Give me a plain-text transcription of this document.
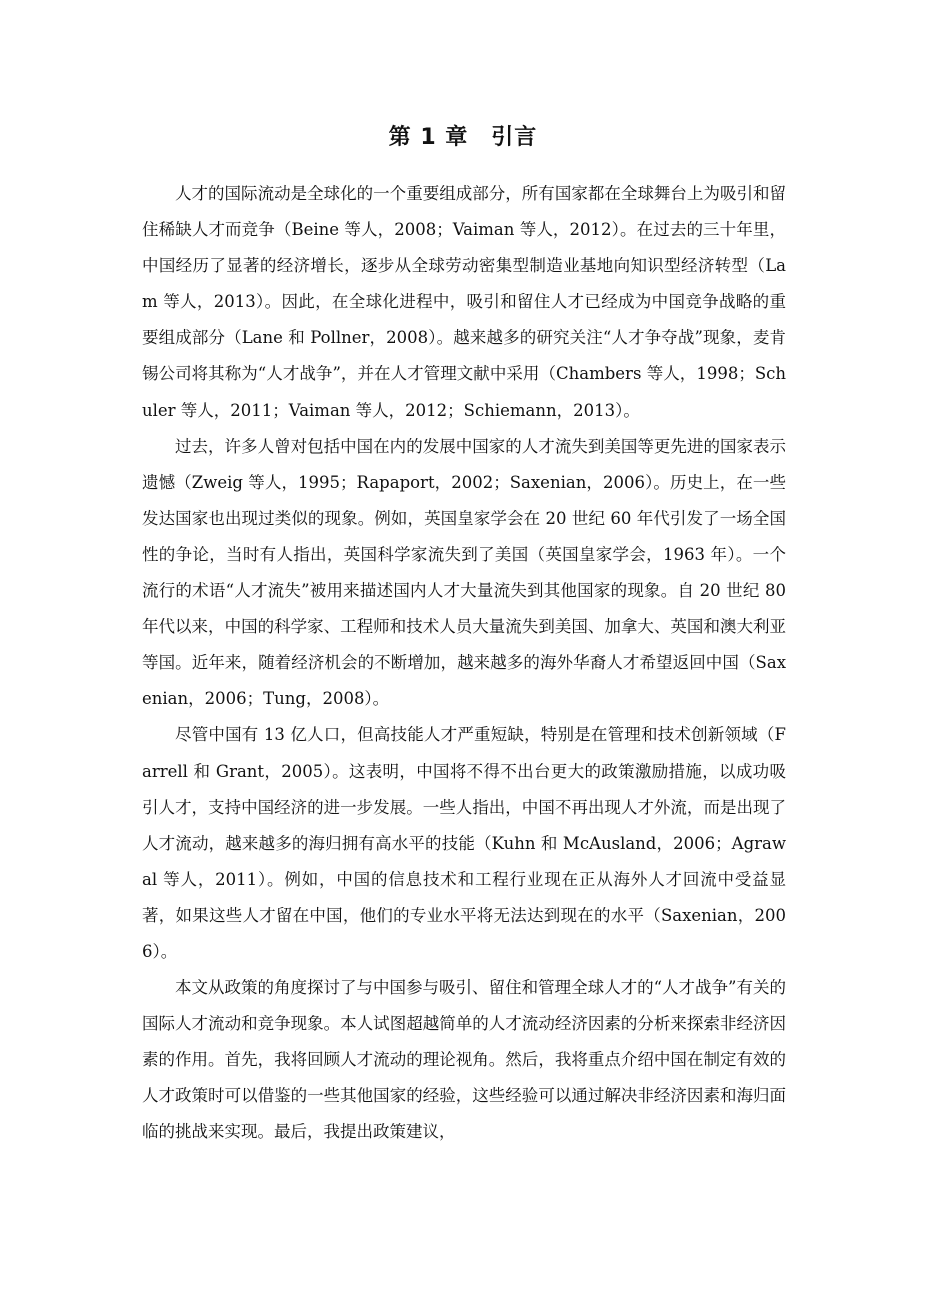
第 1 章　引言

人才的国际流动是全球化的一个重要组成部分，所有国家都在全球舞台上为吸引和留住稀缺人才而竞争（Beine 等人，2008；Vaiman 等人，2012）。在过去的三十年里，中国经历了显著的经济增长，逐步从全球劳动密集型制造业基地向知识型经济转型（Lam 等人，2013）。因此，在全球化进程中，吸引和留住人才已经成为中国竞争战略的重要组成部分（Lane 和 Pollner，2008）。越来越多的研究关注“人才争夺战”现象，麦肯锡公司将其称为“人才战争”，并在人才管理文献中采用（Chambers 等人，1998；Schuler 等人，2011；Vaiman 等人，2012；Schiemann，2013）。

过去，许多人曾对包括中国在内的发展中国家的人才流失到美国等更先进的国家表示遗憾（Zweig 等人，1995；Rapaport，2002；Saxenian，2006）。历史上，在一些发达国家也出现过类似的现象。例如，英国皇家学会在 20 世纪 60 年代引发了一场全国性的争论，当时有人指出，英国科学家流失到了美国（英国皇家学会，1963 年）。一个流行的术语“人才流失”被用来描述国内人才大量流失到其他国家的现象。自 20 世纪 80 年代以来，中国的科学家、工程师和技术人员大量流失到美国、加拿大、英国和澳大利亚等国。近年来，随着经济机会的不断增加，越来越多的海外华裔人才希望返回中国（Saxenian，2006；Tung，2008）。

尽管中国有 13 亿人口，但高技能人才严重短缺，特别是在管理和技术创新领域（Farrell 和 Grant，2005）。这表明，中国将不得不出台更大的政策激励措施，以成功吸引人才，支持中国经济的进一步发展。一些人指出，中国不再出现人才外流，而是出现了人才流动，越来越多的海归拥有高水平的技能（Kuhn 和 McAusland，2006；Agrawal 等人，2011）。例如，中国的信息技术和工程行业现在正从海外人才回流中受益显著，如果这些人才留在中国，他们的专业水平将无法达到现在的水平（Saxenian，2006）。

本文从政策的角度探讨了与中国参与吸引、留住和管理全球人才的“人才战争”有关的国际人才流动和竞争现象。本人试图超越简单的人才流动经济因素的分析来探索非经济因素的作用。首先，我将回顾人才流动的理论视角。然后，我将重点介绍中国在制定有效的人才政策时可以借鉴的一些其他国家的经验，这些经验可以通过解决非经济因素和海归面临的挑战来实现。最后，我提出政策建议，
